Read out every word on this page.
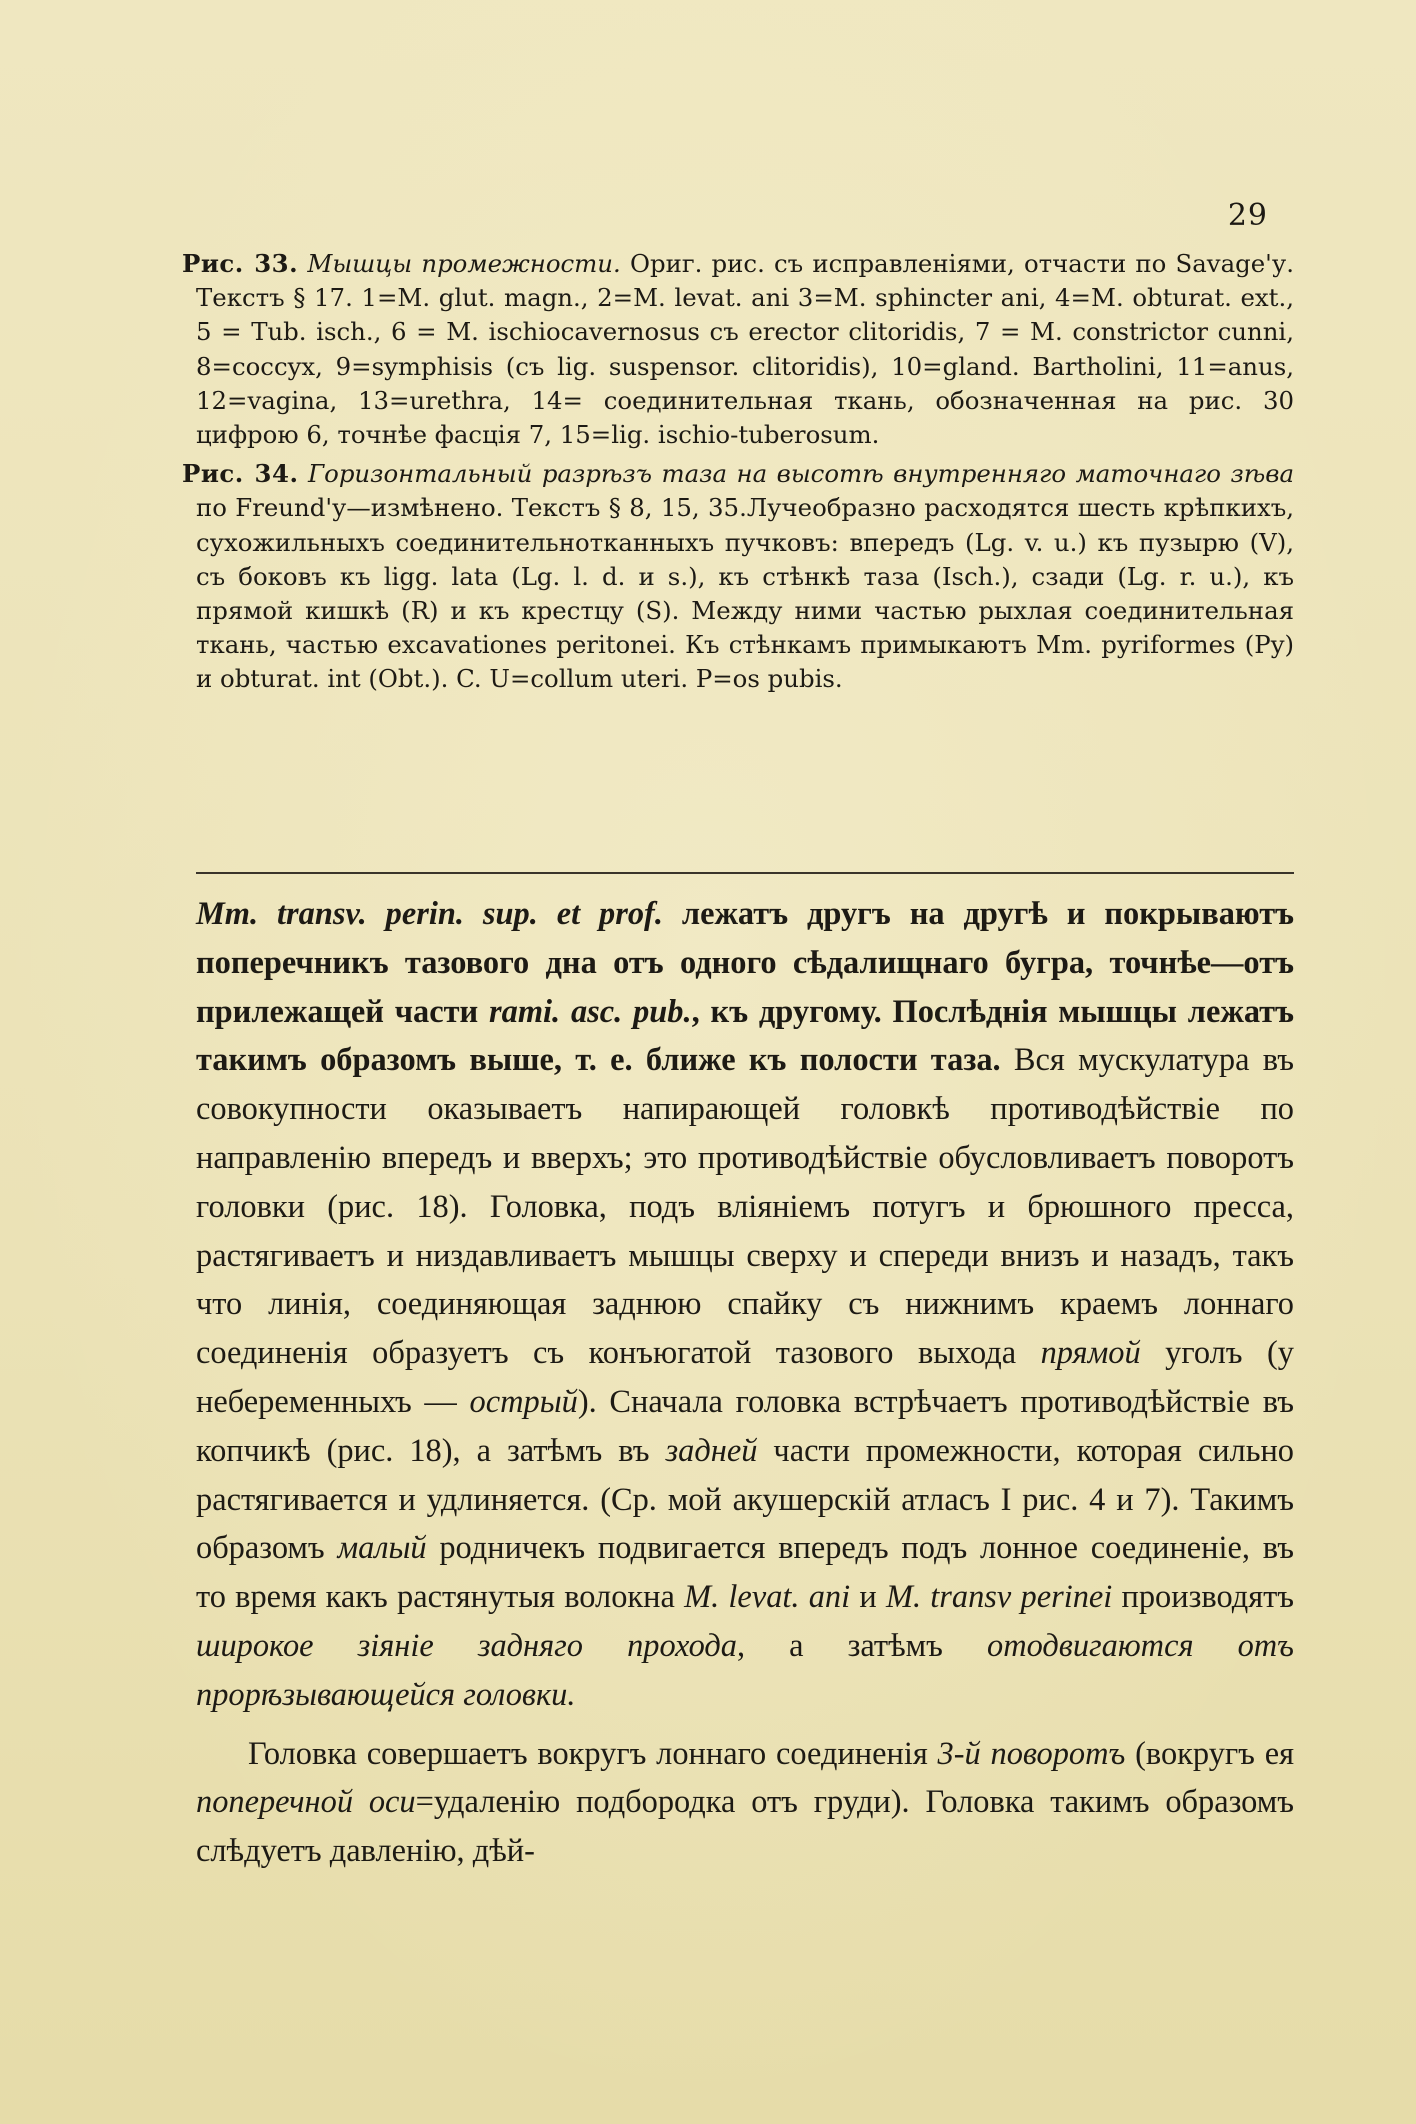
29

Рис. 33. Мышцы промежности. Ориг. рис. съ исправленіями, отчасти по Savage'у. Текстъ § 17. 1=M. glut. magn., 2=M. levat. ani 3=M. sphincter ani, 4=M. obturat. ext., 5 = Tub. isch., 6 = M. ischiocavernosus съ erector clitoridis, 7 = M. constrictor cunni, 8=coccyx, 9=symphisis (съ lig. suspensor. clitoridis), 10=gland. Bartholini, 11=anus, 12=vagina, 13=urethra, 14= соединительная ткань, обозначенная на рис. 30 цифрою 6, точнѣе фасція 7, 15=lig. ischio-tuberosum.

Рис. 34. Горизонтальный разрѣзъ таза на высотѣ внутренняго маточнаго зѣва по Freund'у—измѣнено. Текстъ § 8, 15, 35.Лучеобразно расходятся шесть крѣпкихъ, сухожильныхъ соединительнотканныхъ пучковъ: впередъ (Lg. v. u.) къ пузырю (V), съ боковъ къ ligg. lata (Lg. l. d. и s.), къ стѣнкѣ таза (Isch.), сзади (Lg. r. u.), къ прямой кишкѣ (R) и къ крестцу (S). Между ними частью рыхлая соединительная ткань, частью excavationes peritonei. Къ стѣнкамъ примыкаютъ Mm. pyriformes (Py) и obturat. int (Obt.). C. U=collum uteri. P=os pubis.

Mm. transv. perin. sup. et prof. лежатъ другъ на другѣ и покрываютъ поперечникъ тазового дна отъ одного сѣдалищнаго бугра, точнѣе—отъ прилежащей части rami. asc. pub., къ другому. Послѣднія мышцы лежатъ такимъ образомъ выше, т. е. ближе къ полости таза. Вся мускулатура въ совокупности оказываетъ напирающей головкѣ противодѣйствіе по направленію впередъ и вверхъ; это противодѣйствіе обусловливаетъ поворотъ головки (рис. 18). Головка, подъ вліяніемъ потугъ и брюшного пресса, растягиваетъ и низдавливаетъ мышцы сверху и спереди внизъ и назадъ, такъ что линія, соединяющая заднюю спайку съ нижнимъ краемъ лоннаго соединенія образуетъ съ конъюгатой тазового выхода прямой уголъ (у небеременныхъ — острый). Сначала головка встрѣчаетъ противодѣйствіе въ копчикѣ (рис. 18), а затѣмъ въ задней части промежности, которая сильно растягивается и удлиняется. (Ср. мой акушерскій атласъ I рис. 4 и 7). Такимъ образомъ малый родничекъ подвигается впередъ подъ лонное соединеніе, въ то время какъ растянутыя волокна M. levat. ani и M. transv perinei производятъ широкое зіяніе задняго прохода, а затѣмъ отодвигаются отъ прорѣзывающейся головки.

Головка совершаетъ вокругъ лоннаго соединенія 3-й поворотъ (вокругъ ея поперечной оси=удаленію подбородка отъ груди). Головка такимъ образомъ слѣдуетъ давленію, дѣй-
